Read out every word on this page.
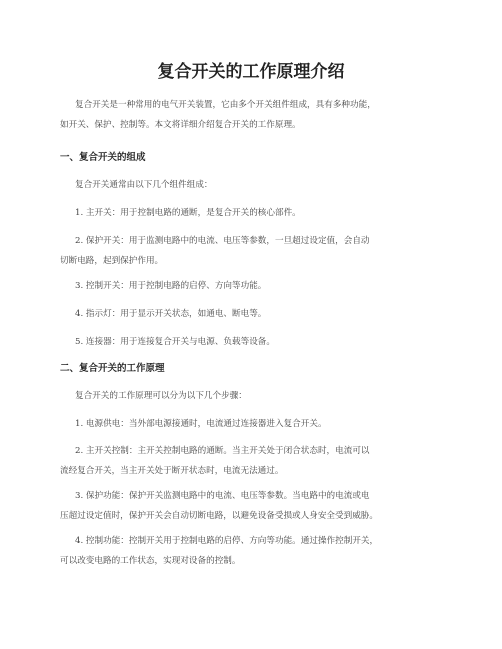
复合开关的工作原理介绍
复合开关是一种常用的电气开关装置，它由多个开关组件组成，具有多种功能，
如开关、保护、控制等。本文将详细介绍复合开关的工作原理。
一、复合开关的组成
复合开关通常由以下几个组件组成：
1. 主开关：用于控制电路的通断，是复合开关的核心部件。
2. 保护开关：用于监测电路中的电流、电压等参数，一旦超过设定值，会自动
切断电路，起到保护作用。
3. 控制开关：用于控制电路的启停、方向等功能。
4. 指示灯：用于显示开关状态，如通电、断电等。
5. 连接器：用于连接复合开关与电源、负载等设备。
二、复合开关的工作原理
复合开关的工作原理可以分为以下几个步骤：
1. 电源供电：当外部电源接通时，电流通过连接器进入复合开关。
2. 主开关控制：主开关控制电路的通断。当主开关处于闭合状态时，电流可以
流经复合开关，当主开关处于断开状态时，电流无法通过。
3. 保护功能：保护开关监测电路中的电流、电压等参数。当电路中的电流或电
压超过设定值时，保护开关会自动切断电路，以避免设备受损或人身安全受到威胁。
4. 控制功能：控制开关用于控制电路的启停、方向等功能。通过操作控制开关，
可以改变电路的工作状态，实现对设备的控制。
